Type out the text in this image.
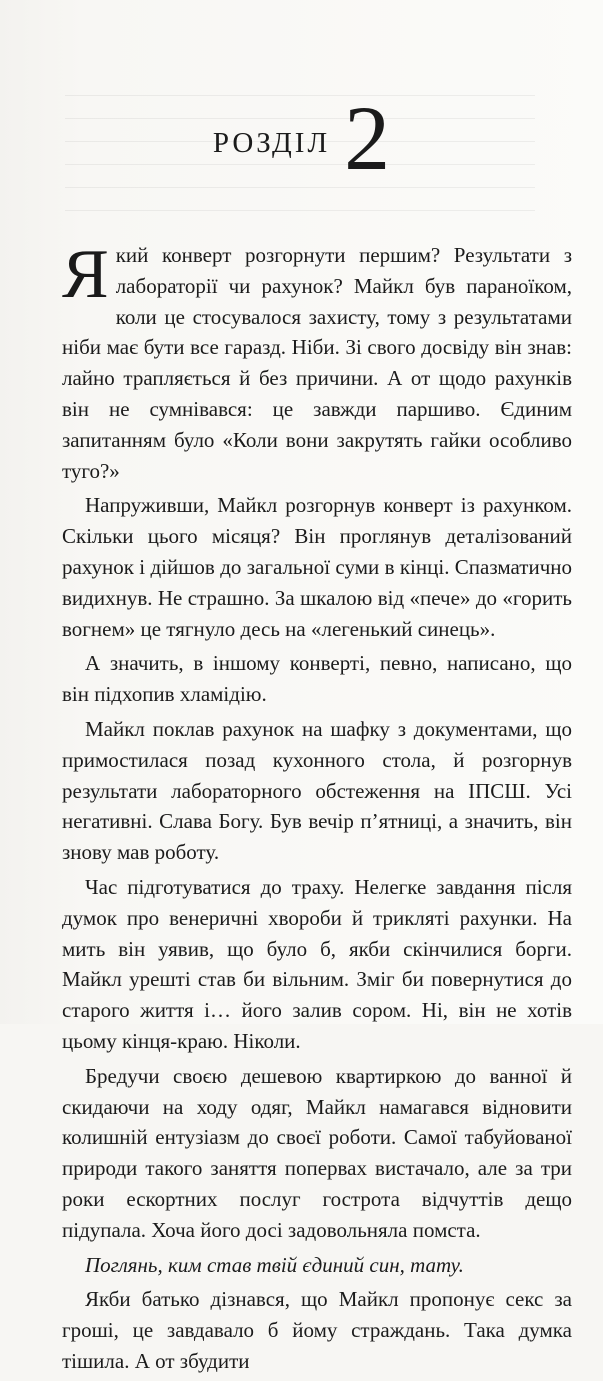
РОЗДІЛ 2

Який конверт розгорнути першим? Результати з лабораторії чи рахунок? Майкл був параноїком, коли це стосувалося захисту, тому з результатами ніби має бути все гаразд. Ніби. Зі свого досвіду він знав: лайно трапляється й без причини. А от щодо рахунків він не сумнівався: це завжди паршиво. Єдиним запитанням було «Коли вони закрутять гайки особливо туго?»

Напруживши, Майкл розгорнув конверт із рахунком. Скільки цього місяця? Він проглянув деталізований рахунок і дійшов до загальної суми в кінці. Спазматично видихнув. Не страшно. За шкалою від «пече» до «горить вогнем» це тягнуло десь на «легенький синець».

А значить, в іншому конверті, певно, написано, що він підхопив хламідію.

Майкл поклав рахунок на шафку з документами, що примостилася позад кухонного стола, й розгорнув результати лабораторного обстеження на ІПСШ. Усі негативні. Слава Богу. Був вечір п’ятниці, а значить, він знову мав роботу.

Час підготуватися до траху. Нелегке завдання після думок про венеричні хвороби й триклятi рахунки. На мить він уявив, що було б, якби скінчилися борги. Майкл урешті став би вільним. Зміг би повернутися до старого життя і… його залив сором. Ні, він не хотів цьому кінця-краю. Ніколи.

Бредучи своєю дешевою квартиркою до ванної й скидаючи на ходу одяг, Майкл намагався відновити колишній ентузіазм до своєї роботи. Самої табуйованої природи такого заняття поперваx вистачало, але за три роки ескортних послуг гострота відчуттів дещо підупала. Хоча його досі задовольняла помста.

Поглянь, ким став твій єдиний син, тату.

Якби батько дізнався, що Майкл пропонує секс за гроші, це завдавало б йому страждань. Така думка тішила. А от збудити
